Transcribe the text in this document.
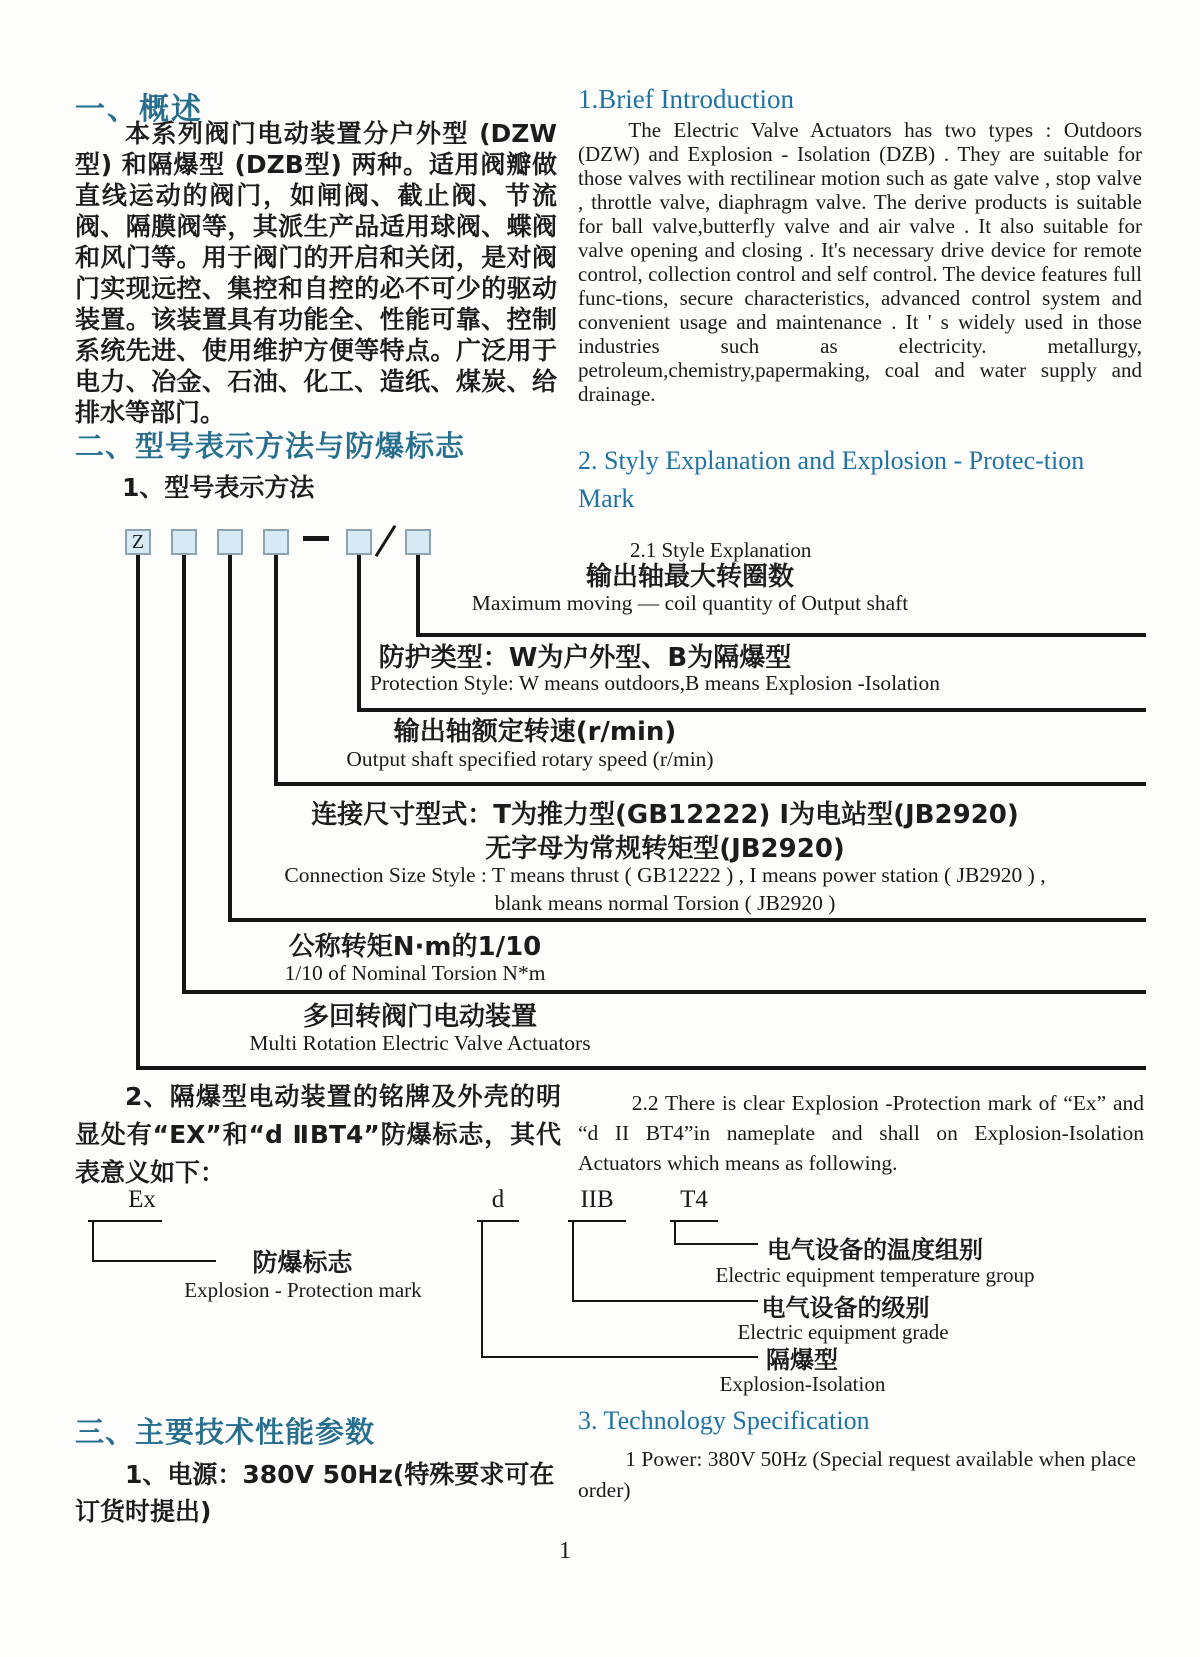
一、概述
本系列阀门电动装置分户外型 (DZW型) 和隔爆型 (DZB型) 两种。适用阀瓣做直线运动的阀门，如闸阀、截止阀、节流阀、隔膜阀等，其派生产品适用球阀、蝶阀和风门等。用于阀门的开启和关闭，是对阀门实现远控、集控和自控的必不可少的驱动装置。该装置具有功能全、性能可靠、控制系统先进、使用维护方便等特点。广泛用于电力、冶金、石油、化工、造纸、煤炭、给排水等部门。
1.Brief Introduction
The Electric Valve Actuators has two types : Outdoors (DZW) and Explosion - Isolation (DZB) . They are suitable for those valves with rectilinear motion such as gate valve , stop valve , throttle valve, diaphragm valve. The derive products is suitable for ball valve,butterfly valve and air valve . It also suitable for valve opening and closing . It's necessary drive device for remote control, collection control and self control. The device features full func-tions, secure characteristics, advanced control system and convenient usage and maintenance . It ' s widely used in those industries such as electricity. metallurgy, petroleum,chemistry,papermaking, coal and water supply and drainage.
二、型号表示方法与防爆标志
1、型号表示方法
2. Styly Explanation and Explosion - Protec-tion
Mark
2.1 Style Explanation
Z
输出轴最大转圈数
Maximum moving — coil quantity of Output shaft
防护类型：W为户外型、B为隔爆型
Protection Style: W means outdoors,B means Explosion -Isolation
输出轴额定转速(r/min)
Output shaft specified rotary speed (r/min)
连接尺寸型式：T为推力型(GB12222) I为电站型(JB2920)
无字母为常规转矩型(JB2920)
Connection Size Style : T means thrust ( GB12222 ) , I means power station ( JB2920 ) ,
blank means normal Torsion ( JB2920 )
公称转矩N·m的1/10
1/10 of Nominal Torsion N*m
多回转阀门电动装置
Multi Rotation Electric Valve Actuators
2、隔爆型电动装置的铭牌及外壳的明显处有“EX”和“d ⅡBT4”防爆标志，其代表意义如下：
2.2 There is clear Explosion -Protection mark of “Ex” and “d II BT4”in nameplate and shall on Explosion-Isolation Actuators which means as following.
Ex	d	IIB	T4
防爆标志
Explosion - Protection mark
电气设备的温度组别
Electric equipment temperature group
电气设备的级别
Electric equipment grade
隔爆型
Explosion-Isolation
三、主要技术性能参数	3. Technology Specification
1 Power: 380V 50Hz (Special request available when place order)
1、电源：380V 50Hz(特殊要求可在订货时提出)
1
